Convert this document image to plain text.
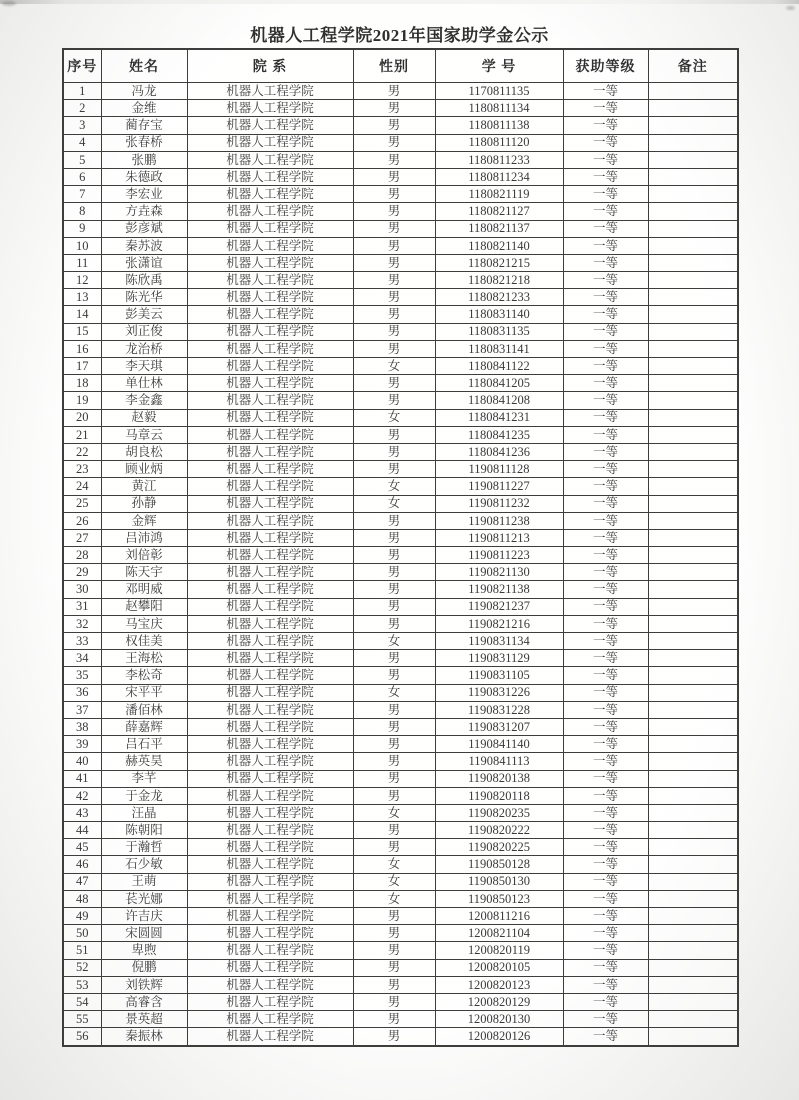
机器人工程学院2021年国家助学金公示
序号	姓名	院 系	性别	学 号	获助等级	备注
1	冯龙	机器人工程学院	男	1170811135	一等	
2	金维	机器人工程学院	男	1180811134	一等	
3	蔺存宝	机器人工程学院	男	1180811138	一等	
4	张春桥	机器人工程学院	男	1180811120	一等	
5	张鹏	机器人工程学院	男	1180811233	一等	
6	朱德政	机器人工程学院	男	1180811234	一等	
7	李宏业	机器人工程学院	男	1180821119	一等	
8	方垚森	机器人工程学院	男	1180821127	一等	
9	彭彦斌	机器人工程学院	男	1180821137	一等	
10	秦苏波	机器人工程学院	男	1180821140	一等	
11	张潇谊	机器人工程学院	男	1180821215	一等	
12	陈欣禹	机器人工程学院	男	1180821218	一等	
13	陈光华	机器人工程学院	男	1180821233	一等	
14	彭美云	机器人工程学院	男	1180831140	一等	
15	刘正俊	机器人工程学院	男	1180831135	一等	
16	龙治桥	机器人工程学院	男	1180831141	一等	
17	李天琪	机器人工程学院	女	1180841122	一等	
18	单仕林	机器人工程学院	男	1180841205	一等	
19	李金鑫	机器人工程学院	男	1180841208	一等	
20	赵毅	机器人工程学院	女	1180841231	一等	
21	马章云	机器人工程学院	男	1180841235	一等	
22	胡良松	机器人工程学院	男	1180841236	一等	
23	顾业炳	机器人工程学院	男	1190811128	一等	
24	黄江	机器人工程学院	女	1190811227	一等	
25	孙静	机器人工程学院	女	1190811232	一等	
26	金辉	机器人工程学院	男	1190811238	一等	
27	吕沛鸿	机器人工程学院	男	1190811213	一等	
28	刘倍彰	机器人工程学院	男	1190811223	一等	
29	陈天宇	机器人工程学院	男	1190821130	一等	
30	邓明威	机器人工程学院	男	1190821138	一等	
31	赵攀阳	机器人工程学院	男	1190821237	一等	
32	马宝庆	机器人工程学院	男	1190821216	一等	
33	权佳美	机器人工程学院	女	1190831134	一等	
34	王海松	机器人工程学院	男	1190831129	一等	
35	李松奇	机器人工程学院	男	1190831105	一等	
36	宋平平	机器人工程学院	女	1190831226	一等	
37	潘佰林	机器人工程学院	男	1190831228	一等	
38	薛嘉辉	机器人工程学院	男	1190831207	一等	
39	吕石平	机器人工程学院	男	1190841140	一等	
40	赫英昊	机器人工程学院	男	1190841113	一等	
41	李芊	机器人工程学院	男	1190820138	一等	
42	于金龙	机器人工程学院	男	1190820118	一等	
43	汪晶	机器人工程学院	女	1190820235	一等	
44	陈朝阳	机器人工程学院	男	1190820222	一等	
45	于瀚哲	机器人工程学院	男	1190820225	一等	
46	石少敏	机器人工程学院	女	1190850128	一等	
47	王萌	机器人工程学院	女	1190850130	一等	
48	苌光娜	机器人工程学院	女	1190850123	一等	
49	许吉庆	机器人工程学院	男	1200811216	一等	
50	宋圆圆	机器人工程学院	男	1200821104	一等	
51	卑煦	机器人工程学院	男	1200820119	一等	
52	倪鹏	机器人工程学院	男	1200820105	一等	
53	刘铁辉	机器人工程学院	男	1200820123	一等	
54	高睿含	机器人工程学院	男	1200820129	一等	
55	景英超	机器人工程学院	男	1200820130	一等	
56	秦振林	机器人工程学院	男	1200820126	一等	
